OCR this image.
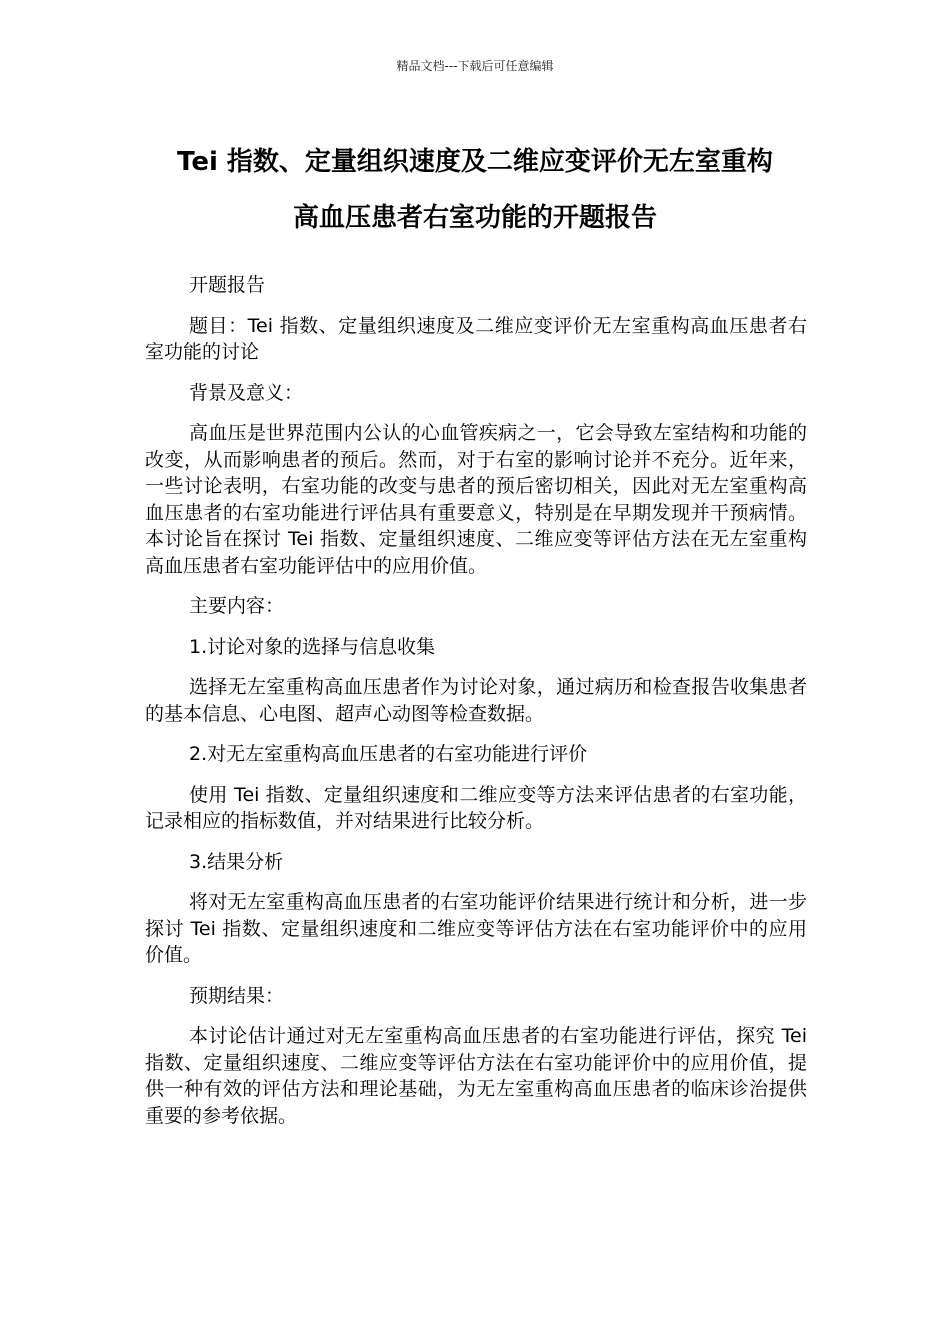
精品文档---下载后可任意编辑
Tei 指数、定量组织速度及二维应变评价无左室重构
高血压患者右室功能的开题报告

开题报告

题目：Tei 指数、定量组织速度及二维应变评价无左室重构高血压患者右室功能的讨论

背景及意义：

高血压是世界范围内公认的心血管疾病之一，它会导致左室结构和功能的改变，从而影响患者的预后。然而，对于右室的影响讨论并不充分。近年来，一些讨论表明，右室功能的改变与患者的预后密切相关，因此对无左室重构高血压患者的右室功能进行评估具有重要意义，特别是在早期发现并干预病情。本讨论旨在探讨 Tei 指数、定量组织速度、二维应变等评估方法在无左室重构高血压患者右室功能评估中的应用价值。

主要内容：

1.讨论对象的选择与信息收集

选择无左室重构高血压患者作为讨论对象，通过病历和检查报告收集患者的基本信息、心电图、超声心动图等检查数据。

2.对无左室重构高血压患者的右室功能进行评价

使用 Tei 指数、定量组织速度和二维应变等方法来评估患者的右室功能，记录相应的指标数值，并对结果进行比较分析。

3.结果分析

将对无左室重构高血压患者的右室功能评价结果进行统计和分析，进一步探讨 Tei 指数、定量组织速度和二维应变等评估方法在右室功能评价中的应用价值。

预期结果：

本讨论估计通过对无左室重构高血压患者的右室功能进行评估，探究 Tei 指数、定量组织速度、二维应变等评估方法在右室功能评价中的应用价值，提供一种有效的评估方法和理论基础，为无左室重构高血压患者的临床诊治提供重要的参考依据。
